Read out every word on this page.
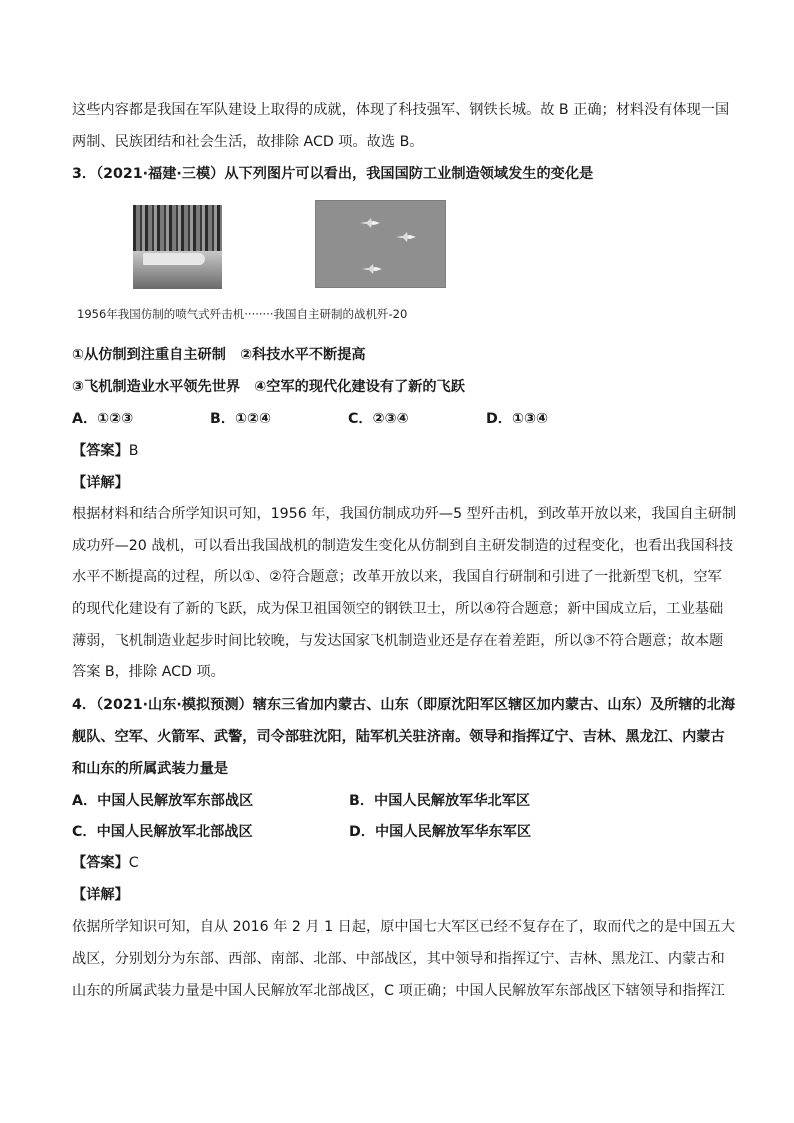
这些内容都是我国在军队建设上取得的成就，体现了科技强军、钢铁长城。故 B 正确；材料没有体现一国
两制、民族团结和社会生活，故排除 ACD 项。故选 B。
3．（2021·福建·三模）从下列图片可以看出，我国国防工业制造领域发生的变化是
1956年我国仿制的喷气式歼击机········我国自主研制的战机歼-20
①从仿制到注重自主研制　②科技水平不断提高
③飞机制造业水平领先世界　④空军的现代化建设有了新的飞跃
A．①②③	B．①②④	C．②③④	D．①③④
【答案】B
【详解】
根据材料和结合所学知识可知，1956 年，我国仿制成功歼—5 型歼击机，到改革开放以来，我国自主研制
成功歼—20 战机，可以看出我国战机的制造发生变化从仿制到自主研发制造的过程变化，也看出我国科技
水平不断提高的过程，所以①、②符合题意；改革开放以来，我国自行研制和引进了一批新型飞机，空军
的现代化建设有了新的飞跃，成为保卫祖国领空的钢铁卫士，所以④符合题意；新中国成立后，工业基础
薄弱，飞机制造业起步时间比较晚，与发达国家飞机制造业还是存在着差距，所以③不符合题意；故本题
答案 B，排除 ACD 项。
4．（2021·山东·模拟预测）辖东三省加内蒙古、山东（即原沈阳军区辖区加内蒙古、山东）及所辖的北海
舰队、空军、火箭军、武警，司令部驻沈阳，陆军机关驻济南。领导和指挥辽宁、吉林、黑龙江、内蒙古
和山东的所属武装力量是
A．中国人民解放军东部战区	B．中国人民解放军华北军区
C．中国人民解放军北部战区	D．中国人民解放军华东军区
【答案】C
【详解】
依据所学知识可知，自从 2016 年 2 月 1 日起，原中国七大军区已经不复存在了，取而代之的是中国五大
战区，分别划分为东部、西部、南部、北部、中部战区，其中领导和指挥辽宁、吉林、黑龙江、内蒙古和
山东的所属武装力量是中国人民解放军北部战区，C 项正确；中国人民解放军东部战区下辖领导和指挥江
